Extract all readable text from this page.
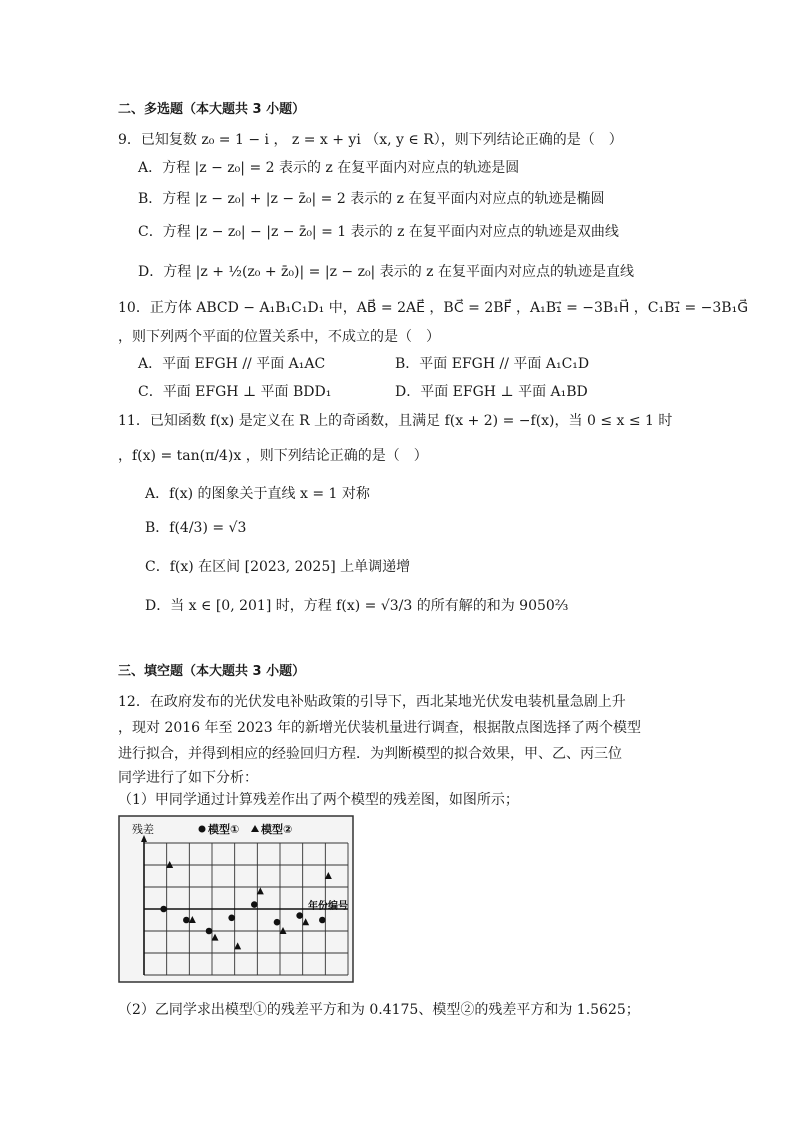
二、多选题（本大题共 3 小题）
9．已知复数 z₀ = 1 − i ， z = x + yi （x, y ∈ R），则下列结论正确的是（　）
A．方程 |z − z₀| = 2 表示的 z 在复平面内对应点的轨迹是圆
B．方程 |z − z₀| + |z − z̄₀| = 2 表示的 z 在复平面内对应点的轨迹是椭圆
C．方程 |z − z₀| − |z − z̄₀| = 1 表示的 z 在复平面内对应点的轨迹是双曲线
D．方程 |z + ½(z₀ + z̄₀)| = |z − z₀| 表示的 z 在复平面内对应点的轨迹是直线
10．正方体 ABCD − A₁B₁C₁D₁ 中，AB⃗ = 2AE⃗ ，BC⃗ = 2BF⃗ ，A₁B₁⃗ = −3B₁H⃗ ，C₁B₁⃗ = −3B₁G⃗
，则下列两个平面的位置关系中，不成立的是（　）
A．平面 EFGH // 平面 A₁AC	B．平面 EFGH // 平面 A₁C₁D
C．平面 EFGH ⊥ 平面 BDD₁	D．平面 EFGH ⊥ 平面 A₁BD
11．已知函数 f(x) 是定义在 R 上的奇函数，且满足 f(x + 2) = −f(x)，当 0 ≤ x ≤ 1 时
，f(x) = tan(π/4)x ，则下列结论正确的是（　）
A．f(x) 的图象关于直线 x = 1 对称
B．f(4/3) = √3
C．f(x) 在区间 [2023, 2025] 上单调递增
D．当 x ∈ [0, 201] 时，方程 f(x) = √3/3 的所有解的和为 9050⅔
三、填空题（本大题共 3 小题）
12．在政府发布的光伏发电补贴政策的引导下，西北某地光伏发电装机量急剧上升
，现对 2016 年至 2023 年的新增光伏装机量进行调查，根据散点图选择了两个模型
进行拟合，并得到相应的经验回归方程．为判断模型的拟合效果，甲、乙、丙三位
同学进行了如下分析：
（1）甲同学通过计算残差作出了两个模型的残差图，如图所示；
残差
年份编号
模型① 模型②
（2）乙同学求出模型①的残差平方和为 0.4175、模型②的残差平方和为 1.5625；
